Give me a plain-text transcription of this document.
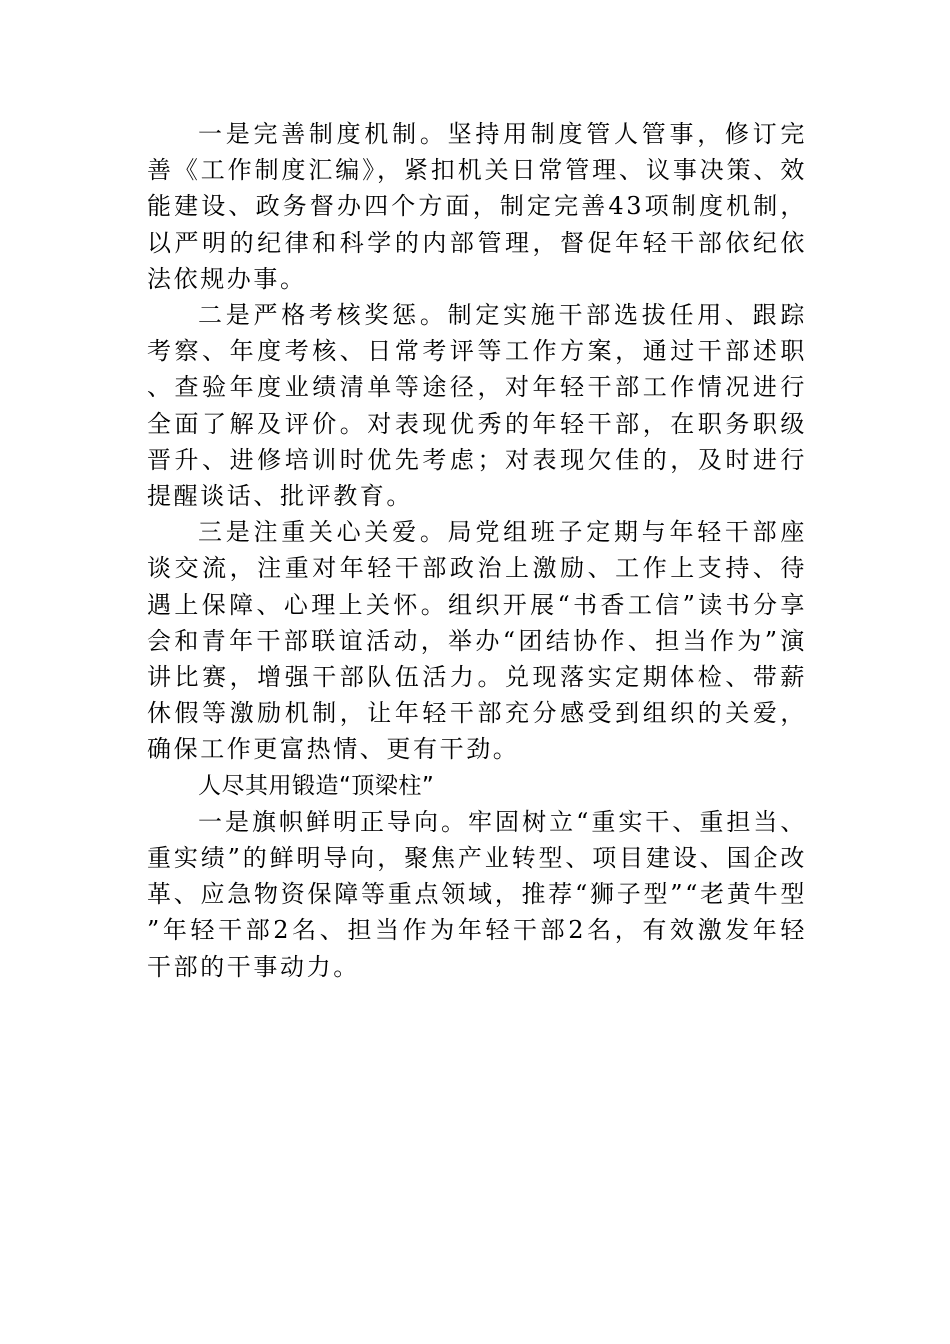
一是完善制度机制。坚持用制度管人管事，修订完善《工作制度汇编》，紧扣机关日常管理、议事决策、效能建设、政务督办四个方面，制定完善43项制度机制，以严明的纪律和科学的内部管理，督促年轻干部依纪依法依规办事。

二是严格考核奖惩。制定实施干部选拔任用、跟踪考察、年度考核、日常考评等工作方案，通过干部述职、查验年度业绩清单等途径，对年轻干部工作情况进行全面了解及评价。对表现优秀的年轻干部，在职务职级晋升、进修培训时优先考虑；对表现欠佳的，及时进行提醒谈话、批评教育。

三是注重关心关爱。局党组班子定期与年轻干部座谈交流，注重对年轻干部政治上激励、工作上支持、待遇上保障、心理上关怀。组织开展“书香工信”读书分享会和青年干部联谊活动，举办“团结协作、担当作为”演讲比赛，增强干部队伍活力。兑现落实定期体检、带薪休假等激励机制，让年轻干部充分感受到组织的关爱，确保工作更富热情、更有干劲。

人尽其用锻造“顶梁柱”

一是旗帜鲜明正导向。牢固树立“重实干、重担当、重实绩”的鲜明导向，聚焦产业转型、项目建设、国企改革、应急物资保障等重点领域，推荐“狮子型”“老黄牛型”年轻干部2名、担当作为年轻干部2名，有效激发年轻干部的干事动力。
